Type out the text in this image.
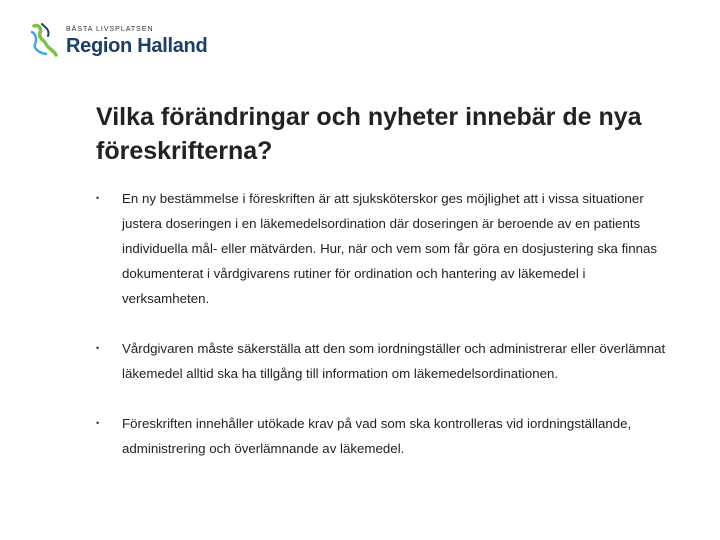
BÄSTA LIVSPLATSEN
Region Halland
Vilka förändringar och nyheter innebär de nya föreskrifterna?
•	En ny bestämmelse i föreskriften är att sjuksköterskor ges möjlighet att i vissa situationer justera doseringen i en läkemedelsordination där doseringen är beroende av en patients individuella mål- eller mätvärden. Hur, när och vem som får göra en dosjustering ska finnas dokumenterat i vårdgivarens rutiner för ordination och hantering av läkemedel i verksamheten.
•	Vårdgivaren måste säkerställa att den som iordningställer och administrerar eller överlämnat läkemedel alltid ska ha tillgång till information om läkemedelsordinationen.
•	Föreskriften innehåller utökade krav på vad som ska kontrolleras vid iordningställande, administrering och överlämnande av läkemedel.
